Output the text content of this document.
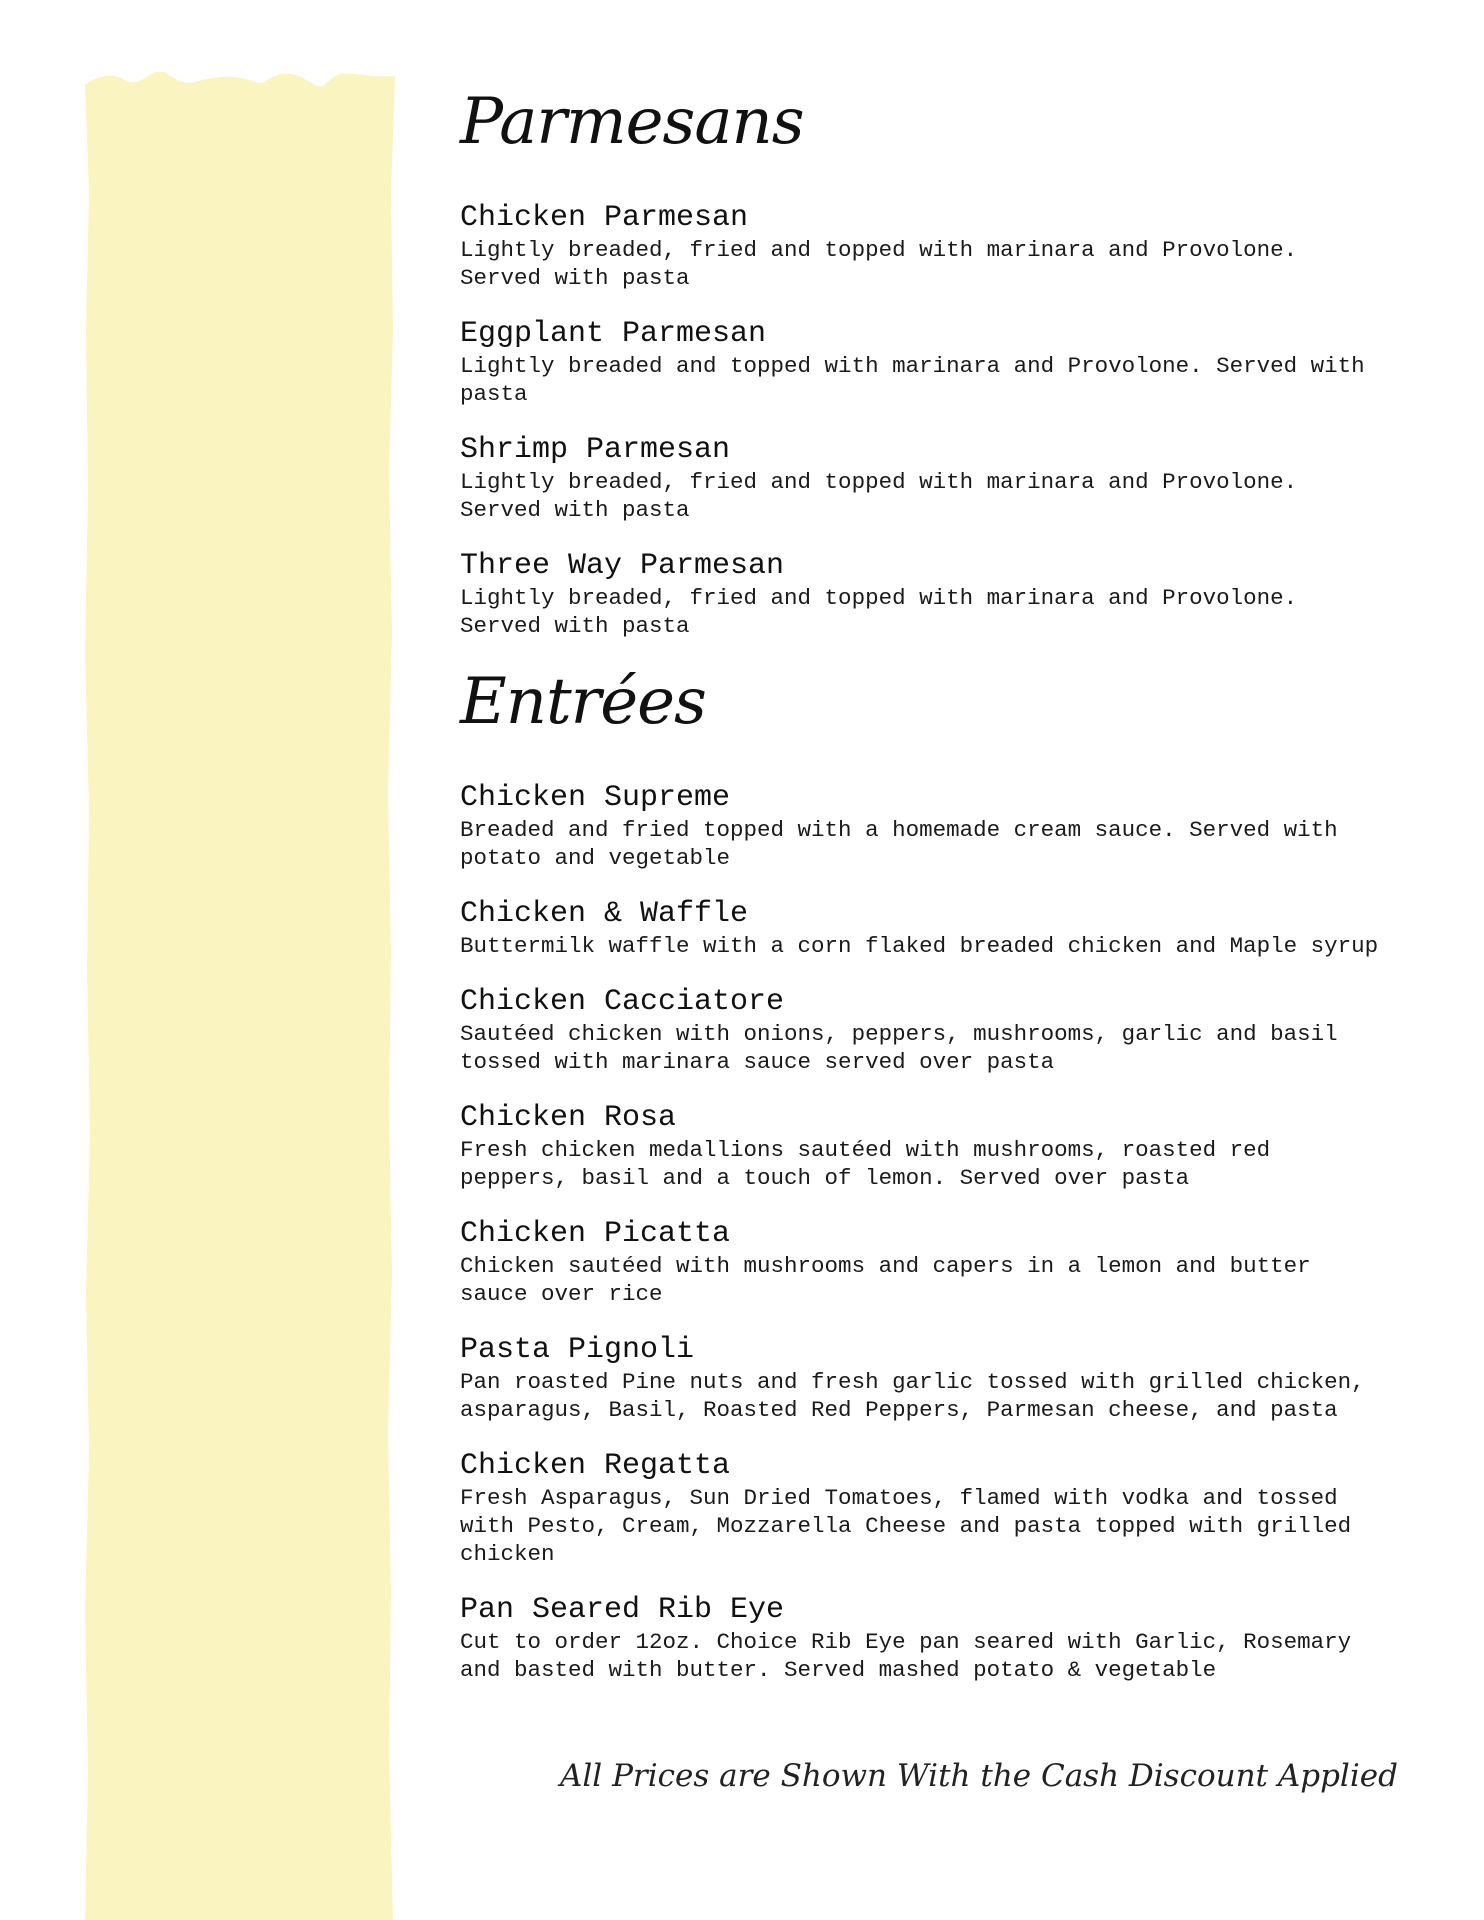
Parmesans

Chicken Parmesan

Lightly breaded, fried and topped with marinara and Provolone. Served with pasta

Eggplant Parmesan

Lightly breaded and topped with marinara and Provolone. Served with pasta

Shrimp Parmesan

Lightly breaded, fried and topped with marinara and Provolone. Served with pasta

Three Way Parmesan

Lightly breaded, fried and topped with marinara and Provolone. Served with pasta

Entrées

Chicken Supreme

Breaded and fried topped with a homemade cream sauce. Served with potato and vegetable

Chicken & Waffle

Buttermilk waffle with a corn flaked breaded chicken and Maple syrup

Chicken Cacciatore

Sautéed chicken with onions, peppers, mushrooms, garlic and basil tossed with marinara sauce served over pasta

Chicken Rosa

Fresh chicken medallions sautéed with mushrooms, roasted red peppers, basil and a touch of lemon. Served over pasta

Chicken Picatta

Chicken sautéed with mushrooms and capers in a lemon and butter sauce over rice

Pasta Pignoli

Pan roasted Pine nuts and fresh garlic tossed with grilled chicken, asparagus, Basil, Roasted Red Peppers, Parmesan cheese, and pasta

Chicken Regatta

Fresh Asparagus, Sun Dried Tomatoes, flamed with vodka and tossed with Pesto, Cream, Mozzarella Cheese and pasta topped with grilled chicken

Pan Seared Rib Eye

Cut to order 12oz. Choice Rib Eye pan seared with Garlic, Rosemary and basted with butter. Served mashed potato & vegetable

All Prices are Shown With the Cash Discount Applied
